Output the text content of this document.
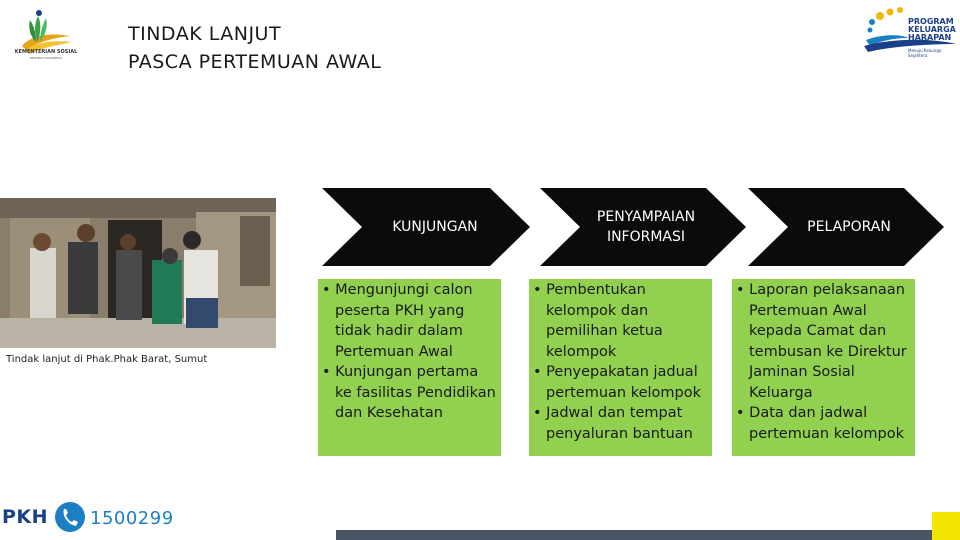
TINDAK LANJUT
PASCA PERTEMUAN AWAL
KEMENTERIAN SOSIAL
REPUBLIK INDONESIA
PROGRAM
KELUARGA
HARAPAN
Menuju Keluarga Sejahtera
Tindak lanjut di Phak.Phak Barat, Sumut
KUNJUNGAN
PENYAMPAIAN INFORMASI
PELAPORAN
• Mengunjungi calon peserta PKH yang tidak hadir dalam Pertemuan Awal
• Kunjungan pertama ke fasilitas Pendidikan dan Kesehatan
• Pembentukan kelompok dan pemilihan ketua kelompok
• Penyepakatan jadual pertemuan kelompok
• Jadwal dan tempat penyaluran bantuan
• Laporan pelaksanaan Pertemuan Awal kepada Camat dan tembusan ke Direktur Jaminan Sosial Keluarga
• Data dan jadwal pertemuan kelompok
PKH 1500299
